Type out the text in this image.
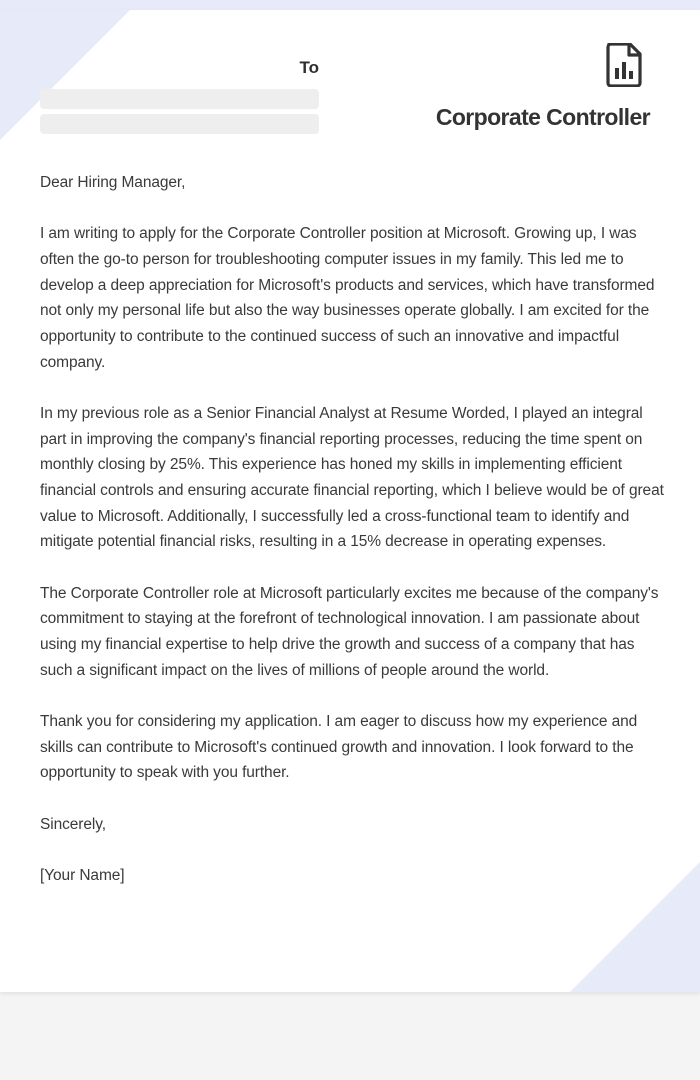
To
Corporate Controller

Dear Hiring Manager,

I am writing to apply for the Corporate Controller position at Microsoft. Growing up, I was often the go-to person for troubleshooting computer issues in my family. This led me to develop a deep appreciation for Microsoft's products and services, which have transformed not only my personal life but also the way businesses operate globally. I am excited for the opportunity to contribute to the continued success of such an innovative and impactful company.

In my previous role as a Senior Financial Analyst at Resume Worded, I played an integral part in improving the company's financial reporting processes, reducing the time spent on monthly closing by 25%. This experience has honed my skills in implementing efficient financial controls and ensuring accurate financial reporting, which I believe would be of great value to Microsoft. Additionally, I successfully led a cross-functional team to identify and mitigate potential financial risks, resulting in a 15% decrease in operating expenses.

The Corporate Controller role at Microsoft particularly excites me because of the company's commitment to staying at the forefront of technological innovation. I am passionate about using my financial expertise to help drive the growth and success of a company that has such a significant impact on the lives of millions of people around the world.

Thank you for considering my application. I am eager to discuss how my experience and skills can contribute to Microsoft's continued growth and innovation. I look forward to the opportunity to speak with you further.

Sincerely,

[Your Name]
